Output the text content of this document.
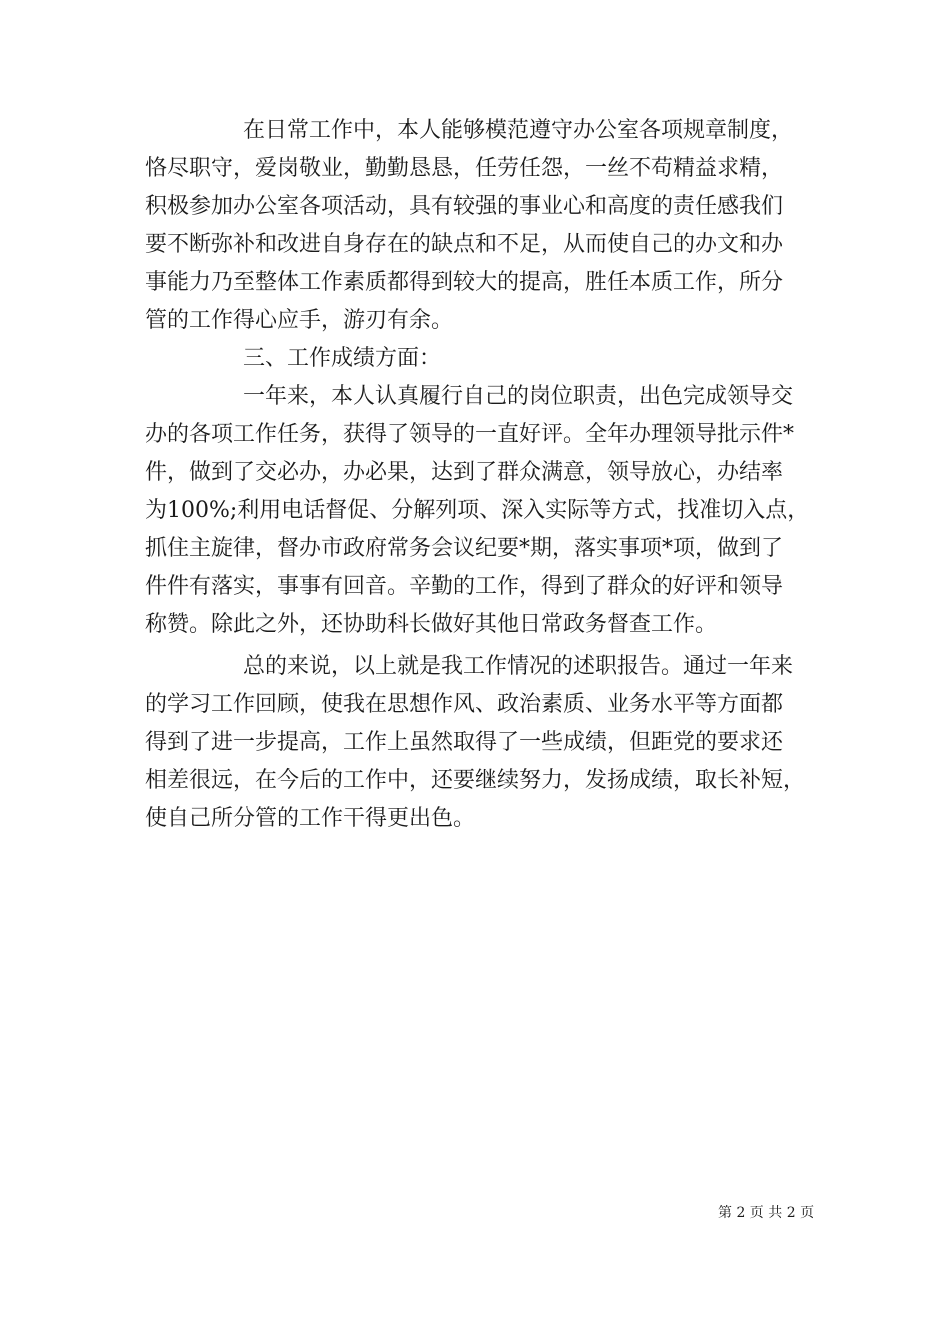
在日常工作中，本人能够模范遵守办公室各项规章制度，
恪尽职守，爱岗敬业，勤勤恳恳，任劳任怨，一丝不苟精益求精，
积极参加办公室各项活动，具有较强的事业心和高度的责任感我们
要不断弥补和改进自身存在的缺点和不足，从而使自己的办文和办
事能力乃至整体工作素质都得到较大的提高，胜任本质工作，所分
管的工作得心应手，游刃有余。
三、工作成绩方面：
一年来，本人认真履行自己的岗位职责，出色完成领导交
办的各项工作任务，获得了领导的一直好评。全年办理领导批示件*
件，做到了交必办，办必果，达到了群众满意，领导放心，办结率
为100%;利用电话督促、分解列项、深入实际等方式，找准切入点，
抓住主旋律，督办市政府常务会议纪要*期，落实事项*项，做到了
件件有落实，事事有回音。辛勤的工作，得到了群众的好评和领导
称赞。除此之外，还协助科长做好其他日常政务督查工作。
总的来说，以上就是我工作情况的述职报告。通过一年来
的学习工作回顾，使我在思想作风、政治素质、业务水平等方面都
得到了进一步提高，工作上虽然取得了一些成绩，但距党的要求还
相差很远，在今后的工作中，还要继续努力，发扬成绩，取长补短，
使自己所分管的工作干得更出色。
第 2 页 共 2 页
